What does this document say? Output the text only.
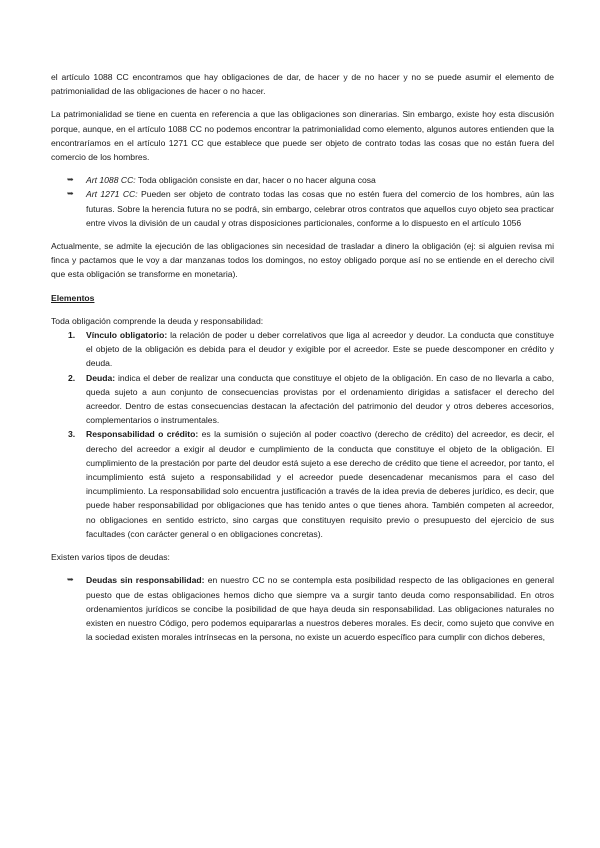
el artículo 1088 CC encontramos que hay obligaciones de dar, de hacer y de no hacer y no se puede asumir el elemento de patrimonialidad de las obligaciones de hacer o no hacer.

La patrimonialidad se tiene en cuenta en referencia a que las obligaciones son dinerarias. Sin embargo, existe hoy esta discusión porque, aunque, en el artículo 1088 CC no podemos encontrar la patrimonialidad como elemento, algunos autores entienden que la encontraríamos en el artículo 1271 CC que establece que puede ser objeto de contrato todas las cosas que no están fuera del comercio de los hombres.

➥ Art 1088 CC: Toda obligación consiste en dar, hacer o no hacer alguna cosa
➥ Art 1271 CC: Pueden ser objeto de contrato todas las cosas que no estén fuera del comercio de los hombres, aún las futuras. Sobre la herencia futura no se podrá, sin embargo, celebrar otros contratos que aquellos cuyo objeto sea practicar entre vivos la división de un caudal y otras disposiciones particionales, conforme a lo dispuesto en el artículo 1056

Actualmente, se admite la ejecución de las obligaciones sin necesidad de trasladar a dinero la obligación (ej: si alguien revisa mi finca y pactamos que le voy a dar manzanas todos los domingos, no estoy obligado porque así no se entiende en el derecho civil que esta obligación se transforme en monetaria).

Elementos

Toda obligación comprende la deuda y responsabilidad:

1. Vínculo obligatorio: la relación de poder u deber correlativos que liga al acreedor y deudor. La conducta que constituye el objeto de la obligación es debida para el deudor y exigible por el acreedor. Este se puede descomponer en crédito y deuda.
2. Deuda: indica el deber de realizar una conducta que constituye el objeto de la obligación. En caso de no llevarla a cabo, queda sujeto a aun conjunto de consecuencias provistas por el ordenamiento dirigidas a satisfacer el derecho del acreedor. Dentro de estas consecuencias destacan la afectación del patrimonio del deudor y otros deberes accesorios, complementarios o instrumentales.
3. Responsabilidad o crédito: es la sumisión o sujeción al poder coactivo (derecho de crédito) del acreedor, es decir, el derecho del acreedor a exigir al deudor e cumplimiento de la conducta que constituye el objeto de la obligación. El cumplimiento de la prestación por parte del deudor está sujeto a ese derecho de crédito que tiene el acreedor, por tanto, el incumplimiento está sujeto a responsabilidad y el acreedor puede desencadenar mecanismos para el caso del incumplimiento. La responsabilidad solo encuentra justificación a través de la idea previa de deberes jurídico, es decir, que puede haber responsabilidad por obligaciones que has tenido antes o que tienes ahora. También competen al acreedor, no obligaciones en sentido estricto, sino cargas que constituyen requisito previo o presupuesto del ejercicio de sus facultades (con carácter general o en obligaciones concretas).

Existen varios tipos de deudas:

➥ Deudas sin responsabilidad: en nuestro CC no se contempla esta posibilidad respecto de las obligaciones en general puesto que de estas obligaciones hemos dicho que siempre va a surgir tanto deuda como responsabilidad. En otros ordenamientos jurídicos se concibe la posibilidad de que haya deuda sin responsabilidad. Las obligaciones naturales no existen en nuestro Código, pero podemos equipararlas a nuestros deberes morales. Es decir, como sujeto que convive en la sociedad existen morales intrínsecas en la persona, no existe un acuerdo específico para cumplir con dichos deberes,
